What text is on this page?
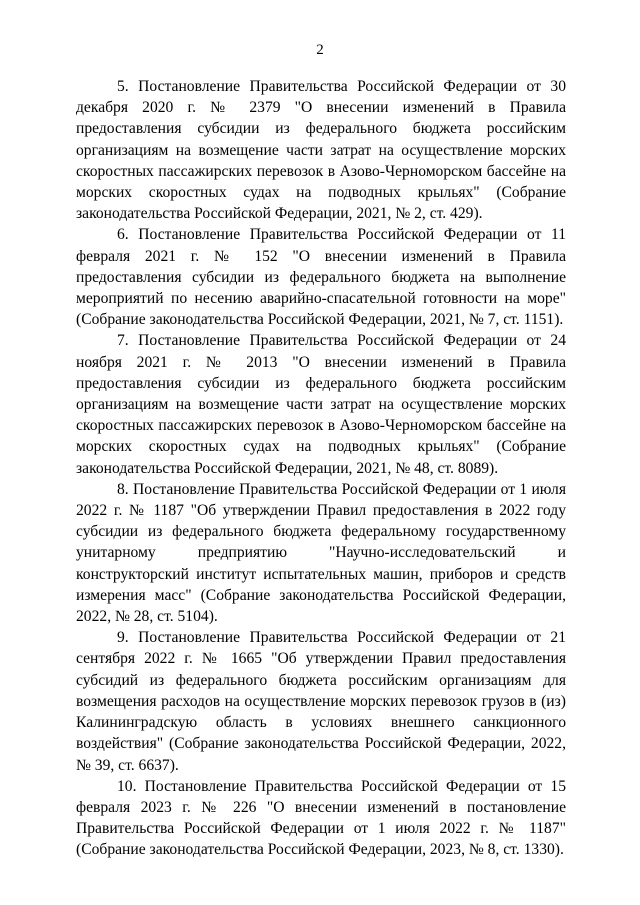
2

5. Постановление Правительства Российской Федерации от 30 декабря 2020 г. № 2379 "О внесении изменений в Правила предоставления субсидии из федерального бюджета российским организациям на возмещение части затрат на осуществление морских скоростных пассажирских перевозок в Азово-Черноморском бассейне на морских скоростных судах на подводных крыльях" (Собрание законодательства Российской Федерации, 2021, № 2, ст. 429).

6. Постановление Правительства Российской Федерации от 11 февраля 2021 г. № 152 "О внесении изменений в Правила предоставления субсидии из федерального бюджета на выполнение мероприятий по несению аварийно-спасательной готовности на море" (Собрание законодательства Российской Федерации, 2021, № 7, ст. 1151).

7. Постановление Правительства Российской Федерации от 24 ноября 2021 г. № 2013 "О внесении изменений в Правила предоставления субсидии из федерального бюджета российским организациям на возмещение части затрат на осуществление морских скоростных пассажирских перевозок в Азово-Черноморском бассейне на морских скоростных судах на подводных крыльях" (Собрание законодательства Российской Федерации, 2021, № 48, ст. 8089).

8. Постановление Правительства Российской Федерации от 1 июля 2022 г. № 1187 "Об утверждении Правил предоставления в 2022 году субсидии из федерального бюджета федеральному государственному унитарному предприятию "Научно-исследовательский и конструкторский институт испытательных машин, приборов и средств измерения масс" (Собрание законодательства Российской Федерации, 2022, № 28, ст. 5104).

9. Постановление Правительства Российской Федерации от 21 сентября 2022 г. № 1665 "Об утверждении Правил предоставления субсидий из федерального бюджета российским организациям для возмещения расходов на осуществление морских перевозок грузов в (из) Калининградскую область в условиях внешнего санкционного воздействия" (Собрание законодательства Российской Федерации, 2022, № 39, ст. 6637).

10. Постановление Правительства Российской Федерации от 15 февраля 2023 г. № 226 "О внесении изменений в постановление Правительства Российской Федерации от 1 июля 2022 г. № 1187" (Собрание законодательства Российской Федерации, 2023, № 8, ст. 1330).
